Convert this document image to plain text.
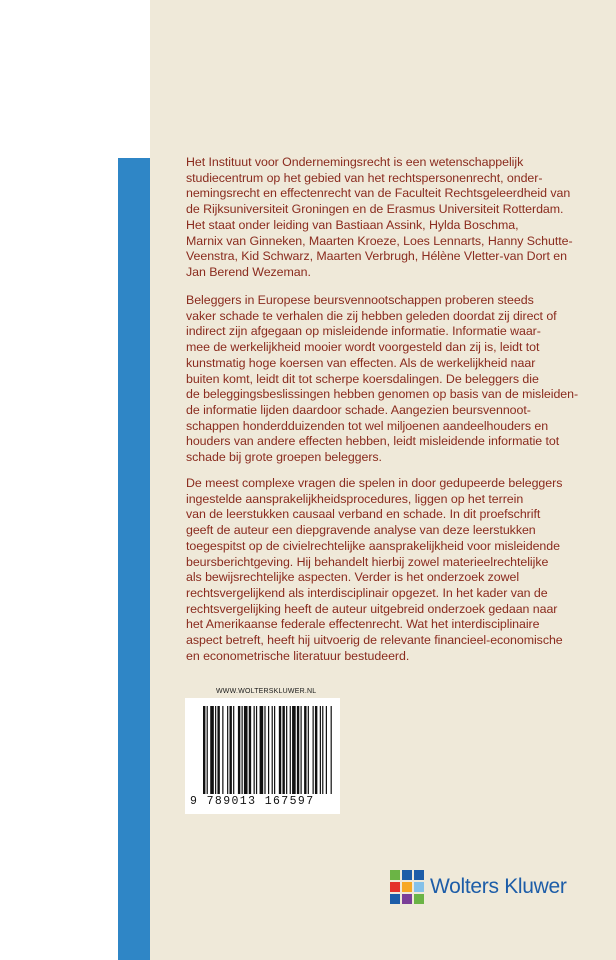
Het Instituut voor Ondernemingsrecht is een wetenschappelijk
studiecentrum op het gebied van het rechtspersonenrecht, onder-
nemingsrecht en effectenrecht van de Faculteit Rechtsgeleerdheid van
de Rijksuniversiteit Groningen en de Erasmus Universiteit Rotterdam.
Het staat onder leiding van Bastiaan Assink, Hylda Boschma,
Marnix van Ginneken, Maarten Kroeze, Loes Lennarts, Hanny Schutte-
Veenstra, Kid Schwarz, Maarten Verbrugh, Hélène Vletter-van Dort en
Jan Berend Wezeman.

Beleggers in Europese beursvennootschappen proberen steeds
vaker schade te verhalen die zij hebben geleden doordat zij direct of
indirect zijn afgegaan op misleidende informatie. Informatie waar-
mee de werkelijkheid mooier wordt voorgesteld dan zij is, leidt tot
kunstmatig hoge koersen van effecten. Als de werkelijkheid naar
buiten komt, leidt dit tot scherpe koersdalingen. De beleggers die
de beleggingsbeslissingen hebben genomen op basis van de misleiden-
de informatie lijden daardoor schade. Aangezien beursvennoot-
schappen honderdduizenden tot wel miljoenen aandeelhouders en
houders van andere effecten hebben, leidt misleidende informatie tot
schade bij grote groepen beleggers.

De meest complexe vragen die spelen in door gedupeerde beleggers
ingestelde aansprakelijkheidsprocedures, liggen op het terrein
van de leerstukken causaal verband en schade. In dit proefschrift
geeft de auteur een diepgravende analyse van deze leerstukken
toegespitst op de civielrechtelijke aansprakelijkheid voor misleidende
beursberichtgeving. Hij behandelt hierbij zowel materieelrechtelijke
als bewijsrechtelijke aspecten. Verder is het onderzoek zowel
rechtsvergelijkend als interdisciplinair opgezet. In het kader van de
rechtsvergelijking heeft de auteur uitgebreid onderzoek gedaan naar
het Amerikaanse federale effectenrecht. Wat het interdisciplinaire
aspect betreft, heeft hij uitvoerig de relevante financieel-economische
en econometrische literatuur bestudeerd.

WWW.WOLTERSKLUWER.NL
9 789013 167597
Wolters Kluwer
